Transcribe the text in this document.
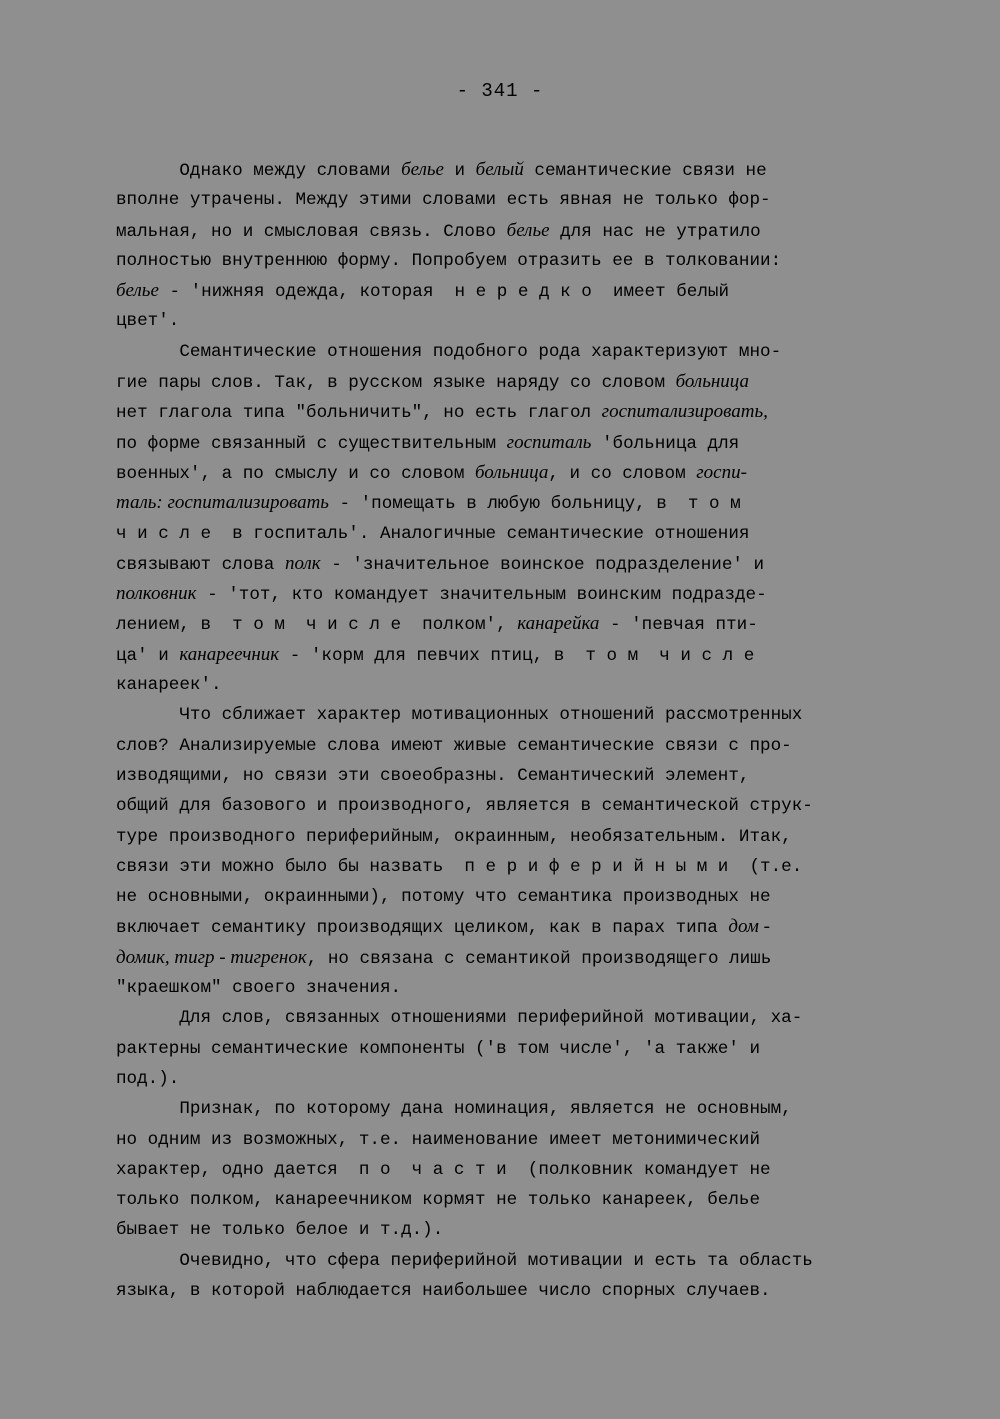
- 341 -
Однако между словами белье и белый семантические связи не
вполне утрачены. Между этими словами есть явная не только фор-
мальная, но и смысловая связь. Слово белье для нас не утратило
полностью внутреннюю форму. Попробуем отразить ее в толковании:
белье - 'нижняя одежда, которая  н е р е д к о  имеет белый
цвет'.
Семантические отношения подобного рода характеризуют мно-
гие пары слов. Так, в русском языке наряду со словом больница
нет глагола типа "больничить", но есть глагол госпитализировать,
по форме связанный с существительным госпиталь 'больница для
военных', а по смыслу и со словом больница, и со словом госпи-
таль: госпитализировать - 'помещать в любую больницу, в  т о м
ч и с л е  в госпиталь'. Аналогичные семантические отношения
связывают слова полк - 'значительное воинское подразделение' и
полковник - 'тот, кто командует значительным воинским подразде-
лением, в  т о м  ч и с л е  полком', канарейка - 'певчая пти-
ца' и канареечник - 'корм для певчих птиц, в  т о м  ч и с л е
канареек'.
Что сближает характер мотивационных отношений рассмотренных
слов? Анализируемые слова имеют живые семантические связи с про-
изводящими, но связи эти своеобразны. Семантический элемент,
общий для базового и производного, является в семантической струк-
туре производного периферийным, окраинным, необязательным. Итак,
связи эти можно было бы назвать  п е р и ф е р и й н ы м и  (т.е.
не основными, окраинными), потому что семантика производных не
включает семантику производящих целиком, как в парах типа дом -
домик, тигр - тигренок, но связана с семантикой производящего лишь
"краешком" своего значения.
Для слов, связанных отношениями периферийной мотивации, ха-
рактерны семантические компоненты ('в том числе', 'а также' и
под.).
Признак, по которому дана номинация, является не основным,
но одним из возможных, т.е. наименование имеет метонимический
характер, одно дается  п о  ч а с т и  (полковник командует не
только полком, канареечником кормят не только канареек, белье
бывает не только белое и т.д.).
Очевидно, что сфера периферийной мотивации и есть та область
языка, в которой наблюдается наибольшее число спорных случаев.
